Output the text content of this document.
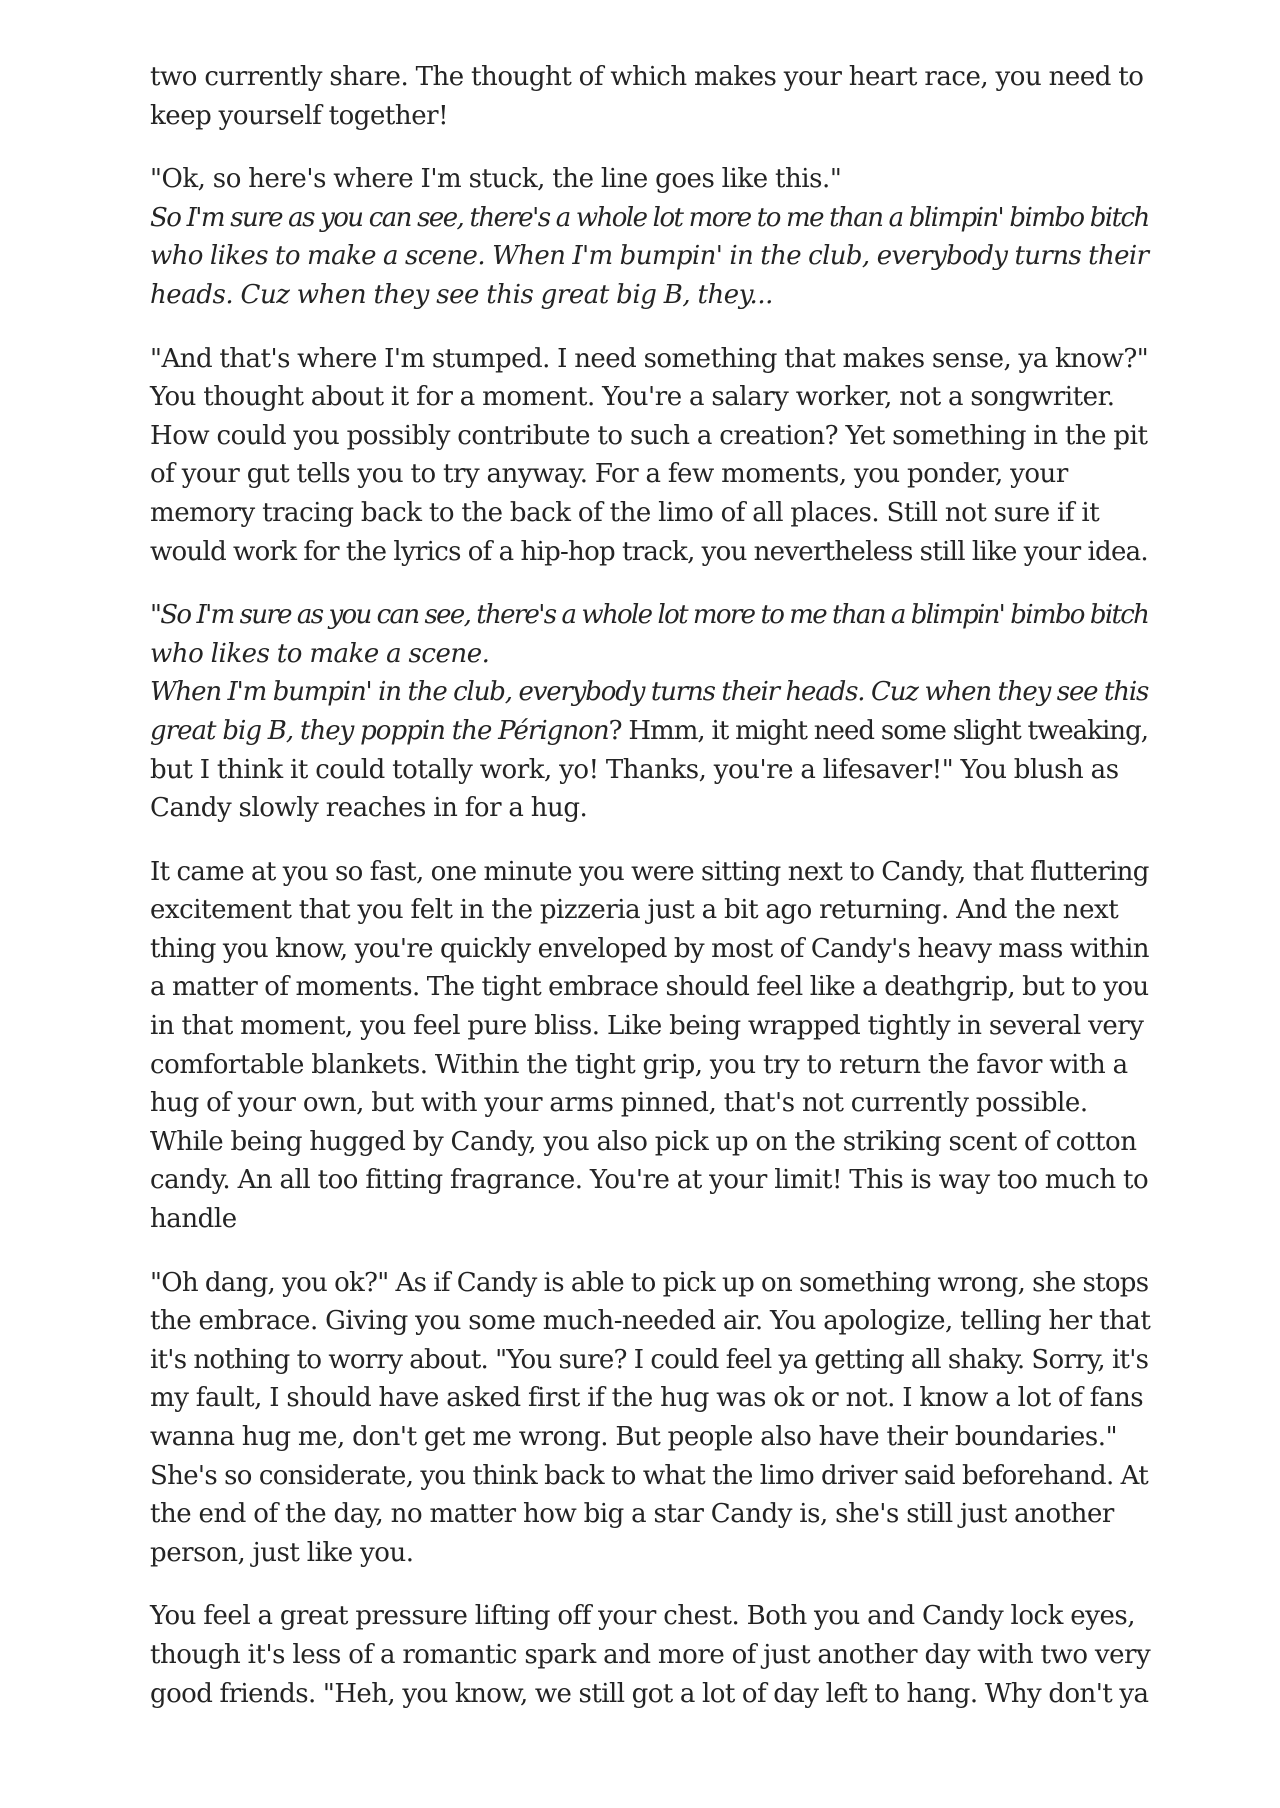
two currently share. The thought of which makes your heart race, you need to
keep yourself together!
"Ok, so here's where I'm stuck, the line goes like this."
So I'm sure as you can see, there's a whole lot more to me than a blimpin' bimbo bitch
who likes to make a scene. When I'm bumpin' in the club, everybody turns their
heads. Cuz when they see this great big B, they...
"And that's where I'm stumped. I need something that makes sense, ya know?"
You thought about it for a moment. You're a salary worker, not a songwriter.
How could you possibly contribute to such a creation? Yet something in the pit
of your gut tells you to try anyway. For a few moments, you ponder, your
memory tracing back to the back of the limo of all places. Still not sure if it
would work for the lyrics of a hip-hop track, you nevertheless still like your idea.
"So I'm sure as you can see, there's a whole lot more to me than a blimpin' bimbo bitch
who likes to make a scene.
When I'm bumpin' in the club, everybody turns their heads. Cuz when they see this
great big B, they poppin the Pérignon? Hmm, it might need some slight tweaking,
but I think it could totally work, yo! Thanks, you're a lifesaver!" You blush as
Candy slowly reaches in for a hug.
It came at you so fast, one minute you were sitting next to Candy, that fluttering
excitement that you felt in the pizzeria just a bit ago returning. And the next
thing you know, you're quickly enveloped by most of Candy's heavy mass within
a matter of moments. The tight embrace should feel like a deathgrip, but to you
in that moment, you feel pure bliss. Like being wrapped tightly in several very
comfortable blankets. Within the tight grip, you try to return the favor with a
hug of your own, but with your arms pinned, that's not currently possible.
While being hugged by Candy, you also pick up on the striking scent of cotton
candy. An all too fitting fragrance. You're at your limit! This is way too much to
handle
"Oh dang, you ok?" As if Candy is able to pick up on something wrong, she stops
the embrace. Giving you some much-needed air. You apologize, telling her that
it's nothing to worry about. "You sure? I could feel ya getting all shaky. Sorry, it's
my fault, I should have asked first if the hug was ok or not. I know a lot of fans
wanna hug me, don't get me wrong. But people also have their boundaries."
She's so considerate, you think back to what the limo driver said beforehand. At
the end of the day, no matter how big a star Candy is, she's still just another
person, just like you.
You feel a great pressure lifting off your chest. Both you and Candy lock eyes,
though it's less of a romantic spark and more of just another day with two very
good friends. "Heh, you know, we still got a lot of day left to hang. Why don't ya
